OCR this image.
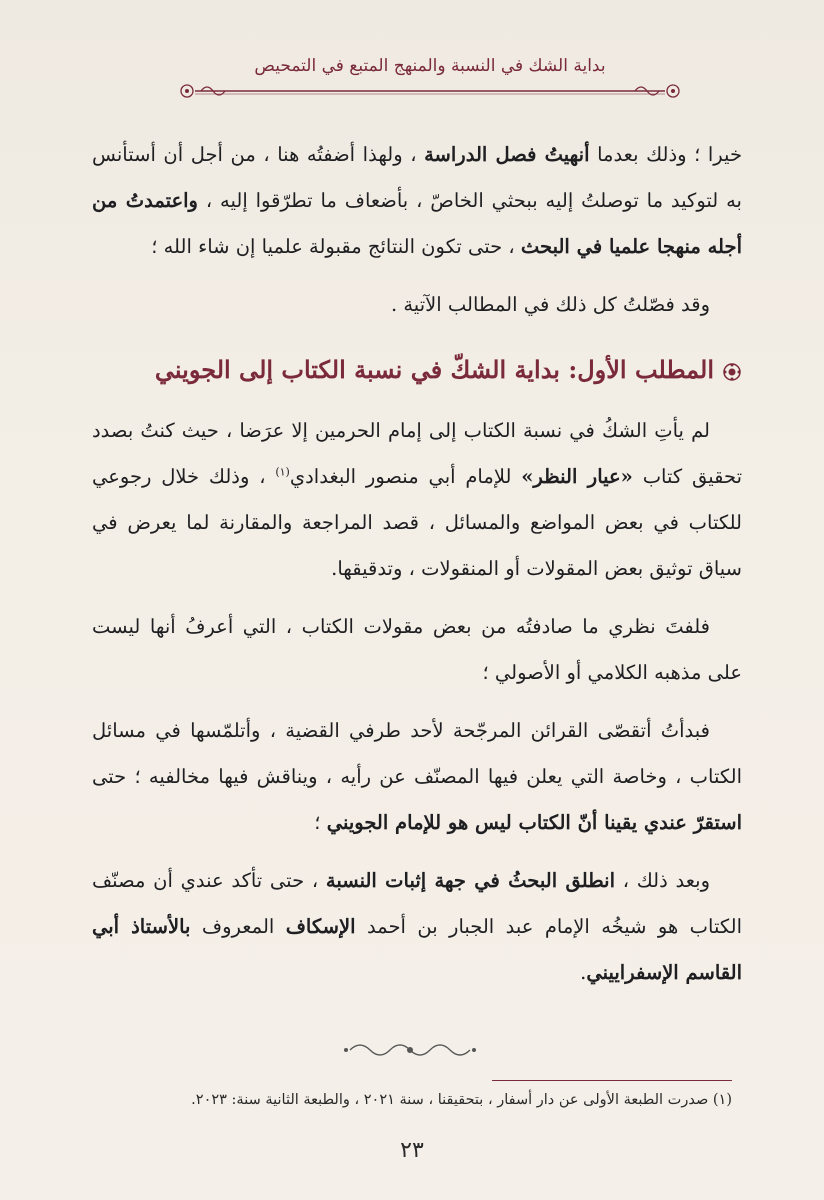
بداية الشك في النسبة والمنهج المتبع في التمحيص

خيرا ؛ وذلك بعدما أنهيتُ فصل الدراسة ، ولهذا أضفتُه هنا ، من أجل أن أستأنس به لتوكيد ما توصلتُ إليه ببحثي الخاصّ ، بأضعاف ما تطرّقوا إليه ، واعتمدتُ من أجله منهجا علميا في البحث ، حتى تكون النتائج مقبولة علميا إن شاء الله ؛

وقد فصّلتُ كل ذلك في المطالب الآتية .

المطلب الأول: بداية الشكّ في نسبة الكتاب إلى الجويني

لم يأتِ الشكُ في نسبة الكتاب إلى إمام الحرمين إلا عرَضا ، حيث كنتُ بصدد تحقيق كتاب «عيار النظر» للإمام أبي منصور البغدادي$^{(١)}$ ، وذلك خلال رجوعي للكتاب في بعض المواضع والمسائل ، قصد المراجعة والمقارنة لما يعرض في سياق توثيق بعض المقولات أو المنقولات ، وتدقيقها.

فلفتَ نظري ما صادفتُه من بعض مقولات الكتاب ، التي أعرفُ أنها ليست على مذهبه الكلامي أو الأصولي ؛

فبدأتُ أتقصّى القرائن المرجّحة لأحد طرفي القضية ، وأتلمّسها في مسائل الكتاب ، وخاصة التي يعلن فيها المصنّف عن رأيه ، ويناقش فيها مخالفيه ؛ حتى استقرّ عندي يقينا أنّ الكتاب ليس هو للإمام الجويني ؛

وبعد ذلك ، انطلق البحثُ في جهة إثبات النسبة ، حتى تأكد عندي أن مصنّف الكتاب هو شيخُه الإمام عبد الجبار بن أحمد الإسكاف المعروف بالأستاذ أبي القاسم الإسفراييني.

(١) صدرت الطبعة الأولى عن دار أسفار ، بتحقيقنا ، سنة ٢٠٢١ ، والطبعة الثانية سنة: ٢٠٢٣.
٢٣
